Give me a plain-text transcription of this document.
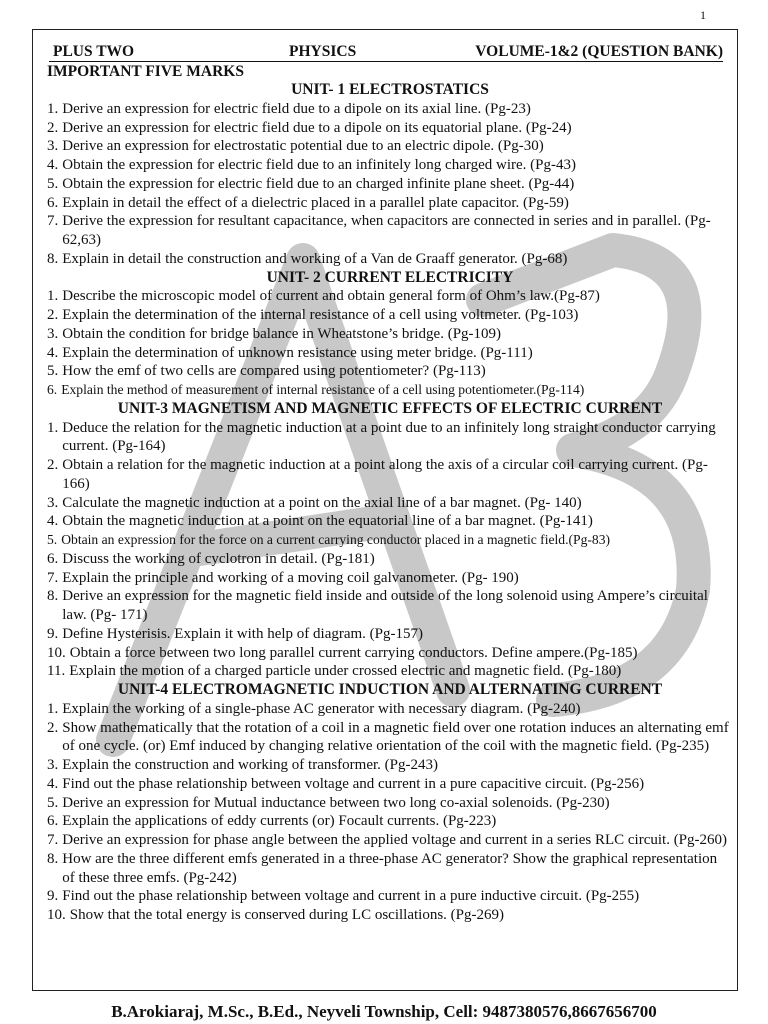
1
PLUS TWO	PHYSICS	VOLUME-1&2 (QUESTION BANK)

IMPORTANT FIVE MARKS
UNIT- 1 ELECTROSTATICS
1. Derive an expression for electric field due to a dipole on its axial line. (Pg-23)
2. Derive an expression for electric field due to a dipole on its equatorial plane. (Pg-24)
3. Derive an expression for electrostatic potential due to an electric dipole. (Pg-30)
4. Obtain the expression for electric field due to an infinitely long charged wire. (Pg-43)
5. Obtain the expression for electric field due to an charged infinite plane sheet. (Pg-44)
6. Explain in detail the effect of a dielectric placed in a parallel plate capacitor. (Pg-59)
7. Derive the expression for resultant capacitance, when capacitors are connected in series and in parallel. (Pg-62,63)
8. Explain in detail the construction and working of a Van de Graaff generator. (Pg-68)
UNIT- 2 CURRENT ELECTRICITY
1. Describe the microscopic model of current and obtain general form of Ohm’s law.(Pg-87)
2. Explain the determination of the internal resistance of a cell using voltmeter. (Pg-103)
3. Obtain the condition for bridge balance in Wheatstone’s bridge. (Pg-109)
4. Explain the determination of unknown resistance using meter bridge. (Pg-111)
5. How the emf of two cells are compared using potentiometer? (Pg-113)
6. Explain the method of measurement of internal resistance of a cell using potentiometer.(Pg-114)
UNIT-3 MAGNETISM AND MAGNETIC EFFECTS OF ELECTRIC CURRENT
1. Deduce the relation for the magnetic induction at a point due to an infinitely long straight conductor carrying current. (Pg-164)
2. Obtain a relation for the magnetic induction at a point along the axis of a circular coil carrying current. (Pg-166)
3. Calculate the magnetic induction at a point on the axial line of a bar magnet. (Pg- 140)
4. Obtain the magnetic induction at a point on the equatorial line of a bar magnet. (Pg-141)
5. Obtain an expression for the force on a current carrying conductor placed in a magnetic field.(Pg-83)
6. Discuss the working of cyclotron in detail. (Pg-181)
7. Explain the principle and working of a moving coil galvanometer. (Pg- 190)
8. Derive an expression for the magnetic field inside and outside of the long solenoid using Ampere’s circuital law. (Pg- 171)
9. Define Hysterisis. Explain it with help of diagram. (Pg-157)
10. Obtain a force between two long parallel current carrying conductors. Define ampere.(Pg-185)
11. Explain the motion of a charged particle under crossed electric and magnetic field. (Pg-180)
UNIT-4 ELECTROMAGNETIC INDUCTION AND ALTERNATING CURRENT
1. Explain the working of a single-phase AC generator with necessary diagram. (Pg-240)
2. Show mathematically that the rotation of a coil in a magnetic field over one rotation induces an alternating emf of one cycle. (or) Emf induced by changing relative orientation of the coil with the magnetic field. (Pg-235)
3. Explain the construction and working of transformer. (Pg-243)
4. Find out the phase relationship between voltage and current in a pure capacitive circuit. (Pg-256)
5. Derive an expression for Mutual inductance between two long co-axial solenoids. (Pg-230)
6. Explain the applications of eddy currents (or) Focault currents. (Pg-223)
7. Derive an expression for phase angle between the applied voltage and current in a series RLC circuit. (Pg-260)
8. How are the three different emfs generated in a three-phase AC generator? Show the graphical representation of these three emfs. (Pg-242)
9. Find out the phase relationship between voltage and current in a pure inductive circuit. (Pg-255)
10. Show that the total energy is conserved during LC oscillations. (Pg-269)
B.Arokiaraj, M.Sc., B.Ed., Neyveli Township, Cell: 9487380576,8667656700
